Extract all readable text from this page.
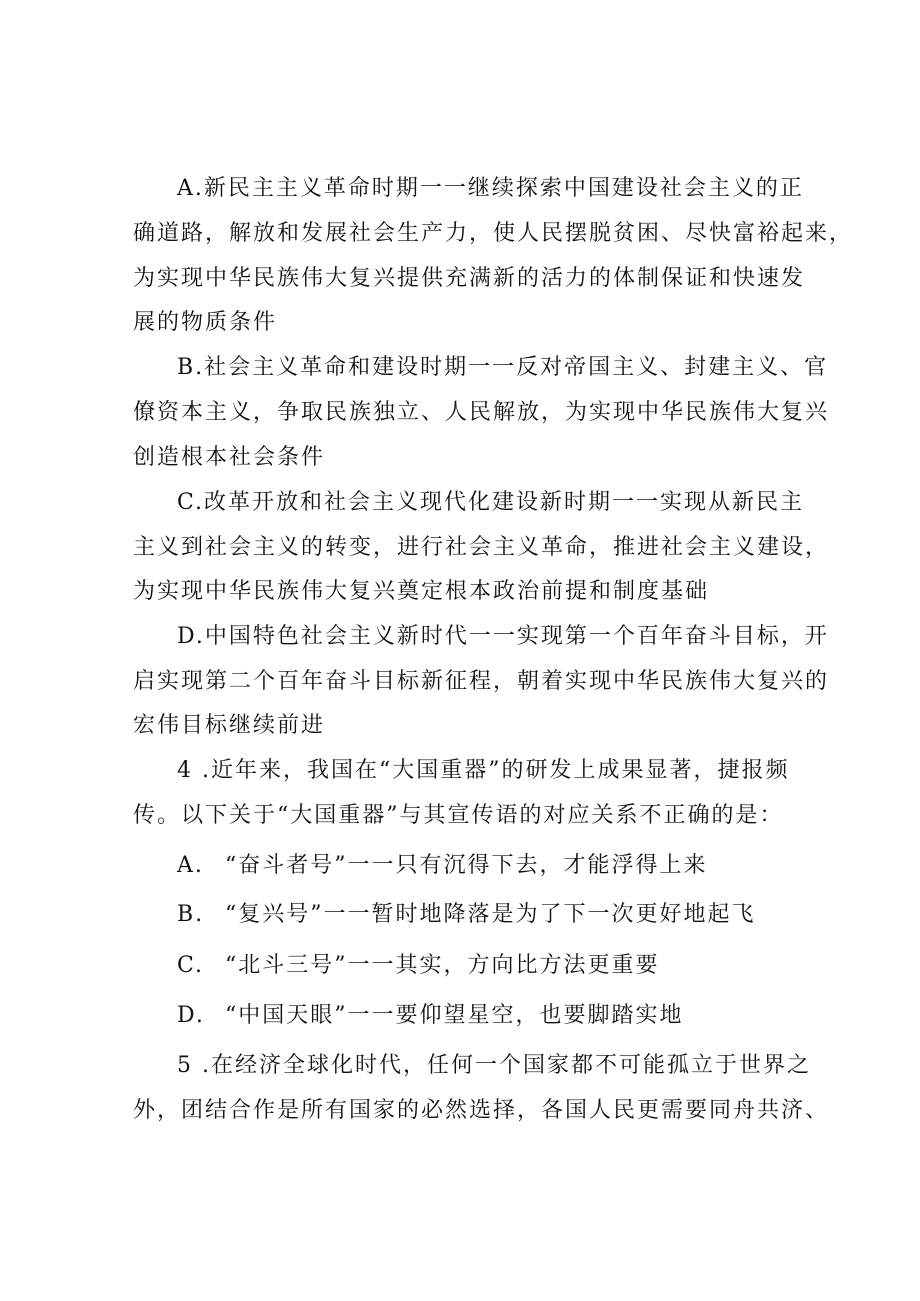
A.新民主主义革命时期一一继续探索中国建设社会主义的正
确道路，解放和发展社会生产力，使人民摆脱贫困、尽快富裕起来，
为实现中华民族伟大复兴提供充满新的活力的体制保证和快速发
展的物质条件
B.社会主义革命和建设时期一一反对帝国主义、封建主义、官
僚资本主义，争取民族独立、人民解放，为实现中华民族伟大复兴
创造根本社会条件
C.改革开放和社会主义现代化建设新时期一一实现从新民主
主义到社会主义的转变，进行社会主义革命，推进社会主义建设，
为实现中华民族伟大复兴奠定根本政治前提和制度基础
D.中国特色社会主义新时代一一实现第一个百年奋斗目标，开
启实现第二个百年奋斗目标新征程，朝着实现中华民族伟大复兴的
宏伟目标继续前进
4 .近年来，我国在“大国重器”的研发上成果显著，捷报频
传。以下关于“大国重器”与其宣传语的对应关系不正确的是：
A. “奋斗者号”一一只有沉得下去，才能浮得上来
B. “复兴号”一一暂时地降落是为了下一次更好地起飞
C. “北斗三号”一一其实，方向比方法更重要
D. “中国天眼”一一要仰望星空，也要脚踏实地
5 .在经济全球化时代，任何一个国家都不可能孤立于世界之
外，团结合作是所有国家的必然选择，各国人民更需要同舟共济、
